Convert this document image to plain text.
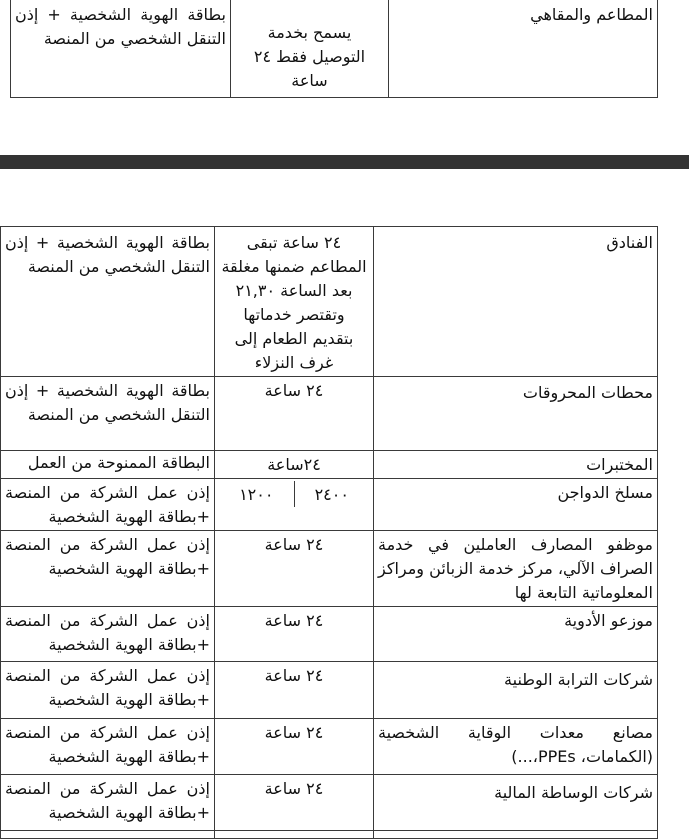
المطاعم والمقاهي	يسمح بخدمة التوصيل فقط ٢٤ ساعة	بطاقة الهوية الشخصية + إذن التنقل الشخصي من المنصة
الفنادق	٢٤ ساعة تبقى المطاعم ضمنها مغلقة بعد الساعة ٢١,٣٠ وتقتصر خدماتها بتقديم الطعام إلى غرف النزلاء	بطاقة الهوية الشخصية + إذن التنقل الشخصي من المنصة
محطات المحروقات	٢٤ ساعة	بطاقة الهوية الشخصية + إذن التنقل الشخصي من المنصة
المختبرات	٢٤ساعة	البطاقة الممنوحة من العمل
مسلخ الدواجن	١٢٠٠ ٢٤٠٠	إذن عمل الشركة من المنصة +بطاقة الهوية الشخصية
موظفو المصارف العاملين في خدمة الصراف الآلي، مركز خدمة الزبائن ومراكز المعلوماتية التابعة لها	٢٤ ساعة	إذن عمل الشركة من المنصة +بطاقة الهوية الشخصية
موزعو الأدوية	٢٤ ساعة	إذن عمل الشركة من المنصة +بطاقة الهوية الشخصية
شركات الترابة الوطنية	٢٤ ساعة	إذن عمل الشركة من المنصة +بطاقة الهوية الشخصية
مصانع معدات الوقاية الشخصية (الكمامات، PPEs،...)	٢٤ ساعة	إذن عمل الشركة من المنصة +بطاقة الهوية الشخصية
شركات الوساطة المالية	٢٤ ساعة	إذن عمل الشركة من المنصة +بطاقة الهوية الشخصية
